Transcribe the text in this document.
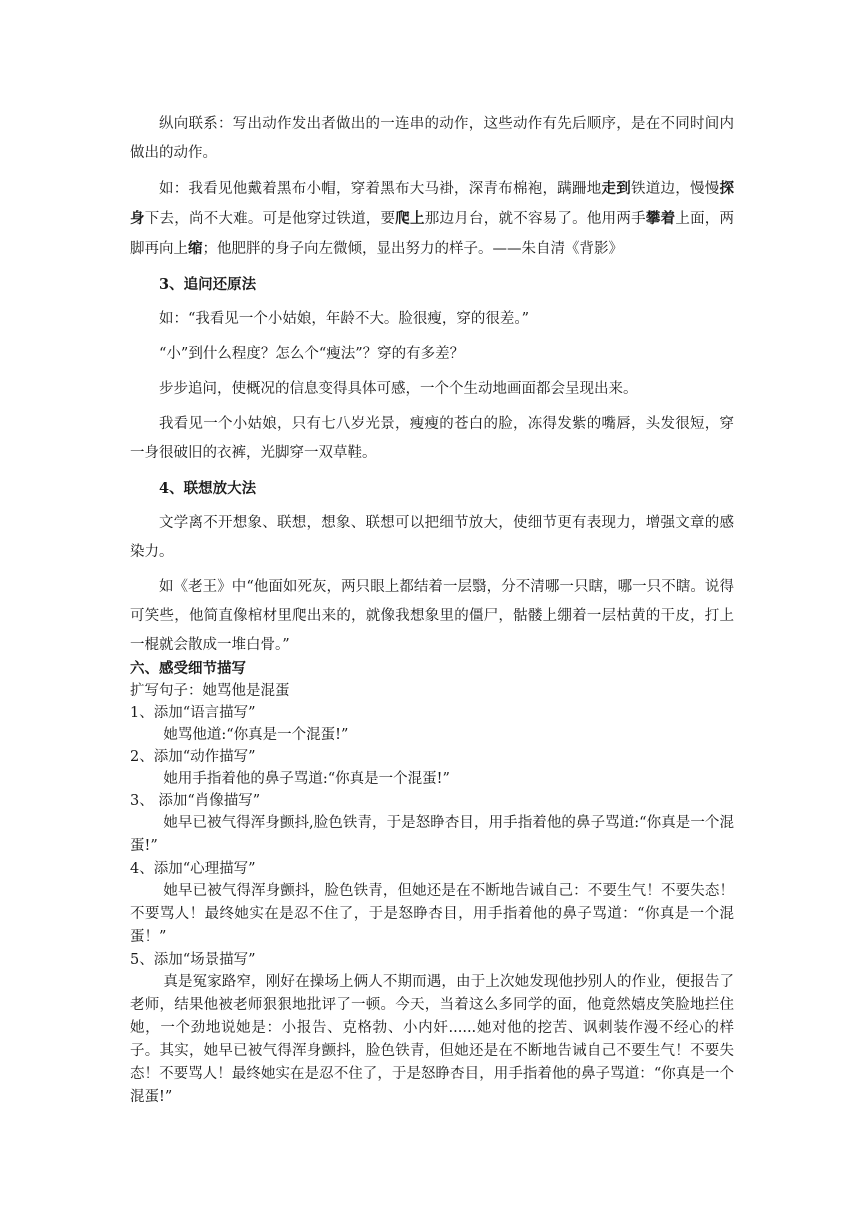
纵向联系：写出动作发出者做出的一连串的动作，这些动作有先后顺序，是在不同时间内做出的动作。

如：我看见他戴着黑布小帽，穿着黑布大马褂，深青布棉袍，蹒跚地走到铁道边，慢慢探身下去，尚不大难。可是他穿过铁道，要爬上那边月台，就不容易了。他用两手攀着上面，两脚再向上缩；他肥胖的身子向左微倾，显出努力的样子。——朱自清《背影》

3、追问还原法

如：“我看见一个小姑娘，年龄不大。脸很瘦，穿的很差。”

“小”到什么程度？怎么个“瘦法”？穿的有多差？

步步追问，使概况的信息变得具体可感，一个个生动地画面都会呈现出来。

我看见一个小姑娘，只有七八岁光景，瘦瘦的苍白的脸，冻得发紫的嘴唇，头发很短，穿一身很破旧的衣裤，光脚穿一双草鞋。

4、联想放大法

文学离不开想象、联想，想象、联想可以把细节放大，使细节更有表现力，增强文章的感染力。

如《老王》中“他面如死灰，两只眼上都结着一层翳，分不清哪一只瞎，哪一只不瞎。说得可笑些，他简直像棺材里爬出来的，就像我想象里的僵尸，骷髅上绷着一层枯黄的干皮，打上一棍就会散成一堆白骨。”

六、感受细节描写
扩写句子：她骂他是混蛋
1、添加“语言描写”
她骂他道:“你真是一个混蛋!”
2、添加“动作描写”
她用手指着他的鼻子骂道:“你真是一个混蛋!”
3、 添加“肖像描写”
她早已被气得浑身颤抖,脸色铁青，于是怒睁杏目，用手指着他的鼻子骂道:“你真是一个混蛋!”
4、添加“心理描写”
她早已被气得浑身颤抖，脸色铁青，但她还是在不断地告诫自己：不要生气！不要失态！不要骂人！最终她实在是忍不住了，于是怒睁杏目，用手指着他的鼻子骂道：“你真是一个混蛋！”
5、添加“场景描写”
真是冤家路窄，刚好在操场上俩人不期而遇，由于上次她发现他抄别人的作业，便报告了老师，结果他被老师狠狠地批评了一顿。今天，当着这么多同学的面，他竟然嬉皮笑脸地拦住她，一个劲地说她是：小报告、克格勃、小内奸......她对他的挖苦、讽刺装作漫不经心的样子。其实，她早已被气得浑身颤抖，脸色铁青，但她还是在不断地告诫自己不要生气！不要失态！不要骂人！最终她实在是忍不住了，于是怒睁杏目，用手指着他的鼻子骂道：“你真是一个混蛋!”
